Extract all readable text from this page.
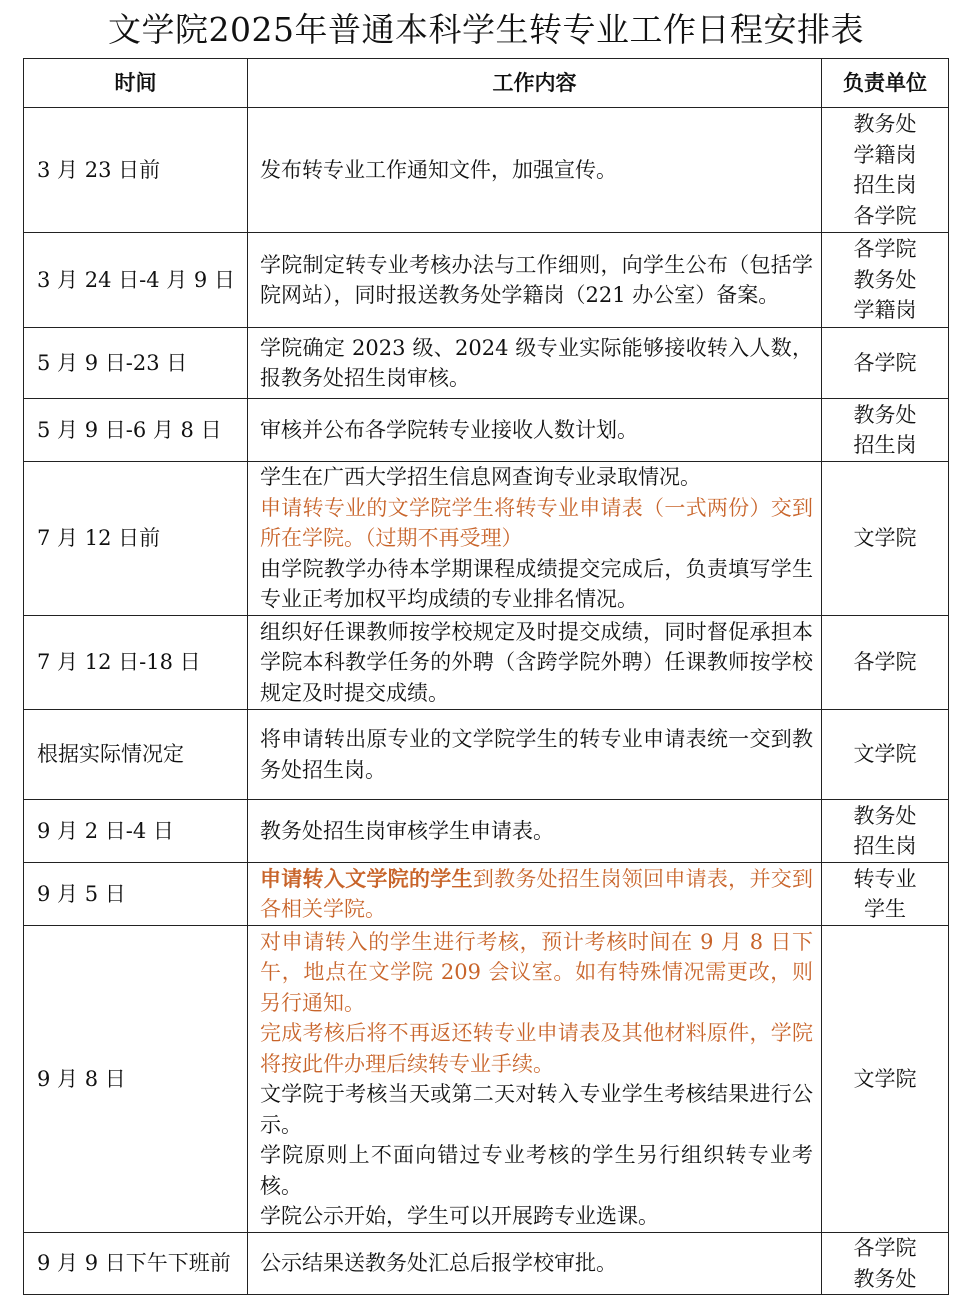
文学院2025年普通本科学生转专业工作日程安排表
时间	工作内容	负责单位
3 月 23 日前	发布转专业工作通知文件，加强宣传。	教务处
学籍岗
招生岗
各学院

3 月 24 日-4 月 9 日	学院制定转专业考核办法与工作细则，向学生公布（包括学院网站），同时报送教务处学籍岗（221 办公室）备案。	各学院
教务处
学籍岗

5 月 9 日-23 日	学院确定 2023 级、2024 级专业实际能够接收转入人数，报教务处招生岗审核。	各学院

5 月 9 日-6 月 8 日	审核并公布各学院转专业接收人数计划。	教务处
招生岗

7 月 12 日前	学生在广西大学招生信息网查询专业录取情况。
申请转专业的文学院学生将转专业申请表（一式两份）交到所在学院。（过期不再受理）
由学院教学办待本学期课程成绩提交完成后，负责填写学生专业正考加权平均成绩的专业排名情况。	文学院

7 月 12 日-18 日	组织好任课教师按学校规定及时提交成绩，同时督促承担本学院本科教学任务的外聘（含跨学院外聘）任课教师按学校规定及时提交成绩。	各学院

根据实际情况定	将申请转出原专业的文学院学生的转专业申请表统一交到教务处招生岗。	文学院

9 月 2 日-4 日	教务处招生岗审核学生申请表。	教务处
招生岗

9 月 5 日	申请转入文学院的学生到教务处招生岗领回申请表，并交到各相关学院。	转专业
学生

9 月 8 日	对申请转入的学生进行考核，预计考核时间在 9 月 8 日下午，地点在文学院 209 会议室。如有特殊情况需更改，则另行通知。
完成考核后将不再返还转专业申请表及其他材料原件，学院将按此件办理后续转专业手续。
文学院于考核当天或第二天对转入专业学生考核结果进行公示。
学院原则上不面向错过专业考核的学生另行组织转专业考核。
学院公示开始，学生可以开展跨专业选课。	文学院

9 月 9 日下午下班前	公示结果送教务处汇总后报学校审批。	各学院
教务处
